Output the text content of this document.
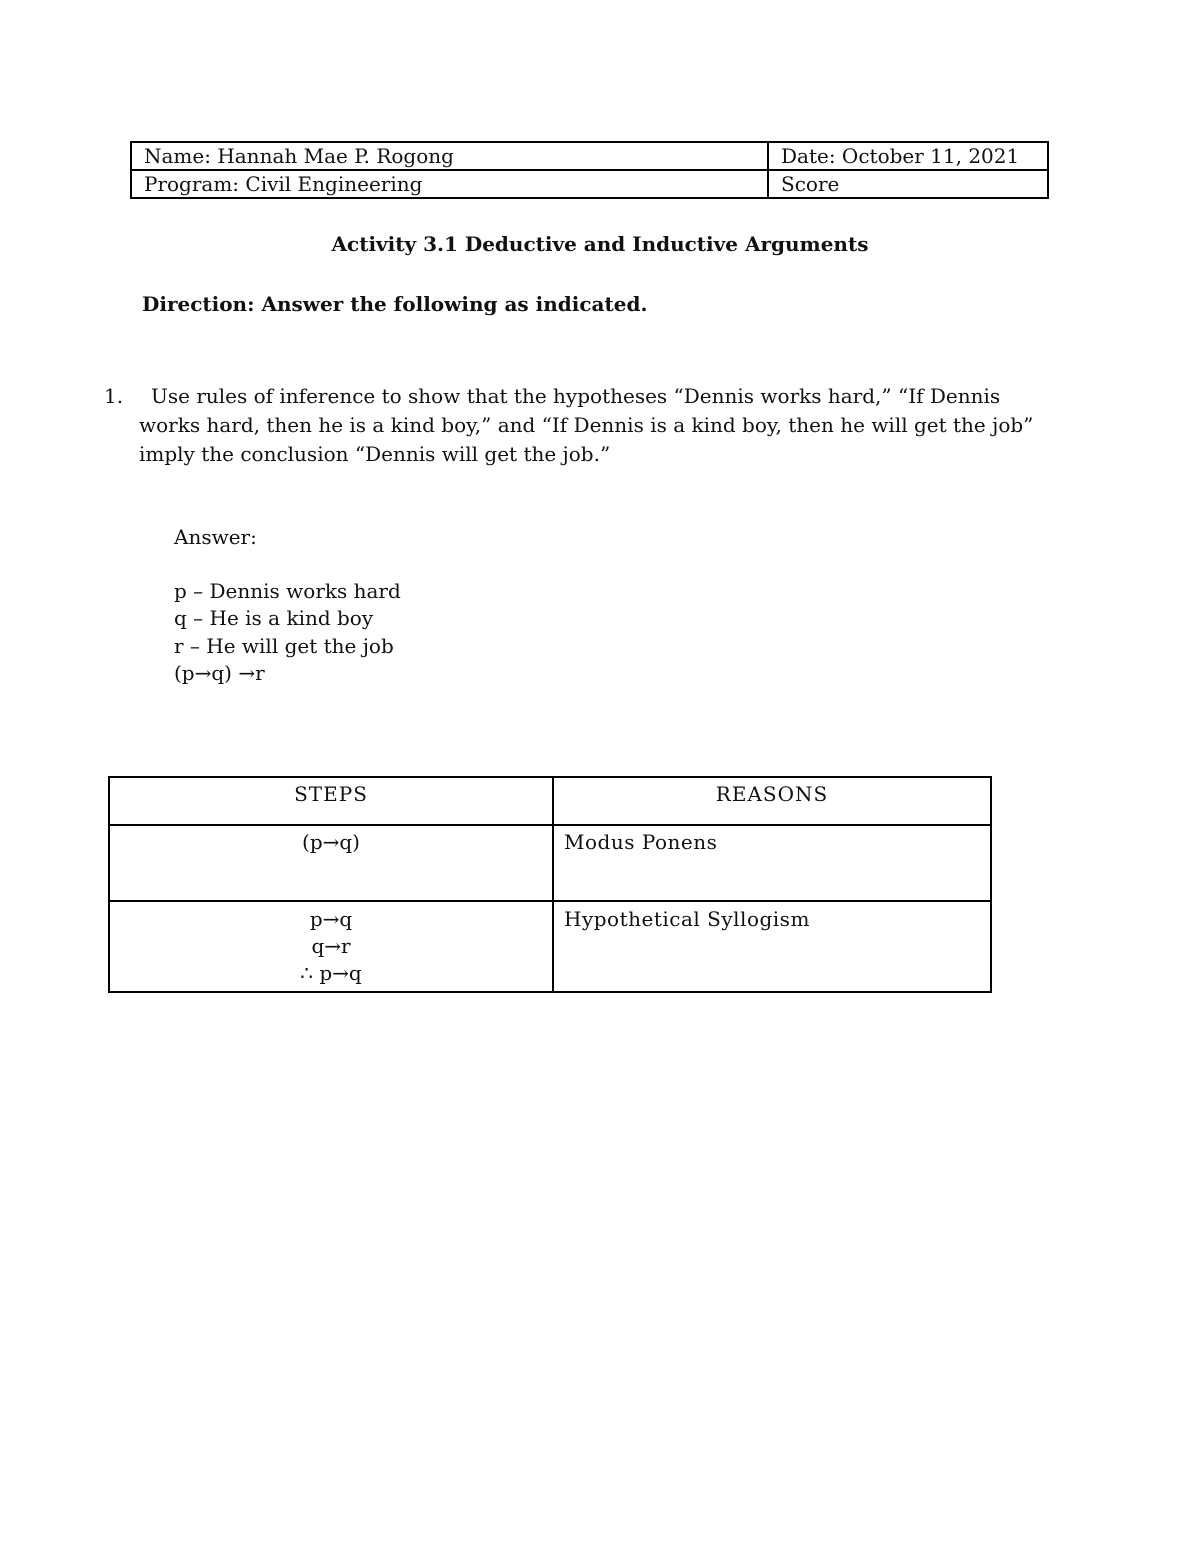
Name: Hannah Mae P. Rogong	Date: October 11, 2021
Program: Civil Engineering	Score
Activity 3.1 Deductive and Inductive Arguments
Direction: Answer the following as indicated.
1.	Use rules of inference to show that the hypotheses “Dennis works hard,” “If Dennis works hard, then he is a kind boy,” and “If Dennis is a kind boy, then he will get the job” imply the conclusion “Dennis will get the job.”
Answer:
p – Dennis works hard
q – He is a kind boy
r – He will get the job
(p→q) →r
STEPS	REASONS

(p→q)	Modus Ponens

p→q
q→r
∴ p→q	Hypothetical Syllogism
